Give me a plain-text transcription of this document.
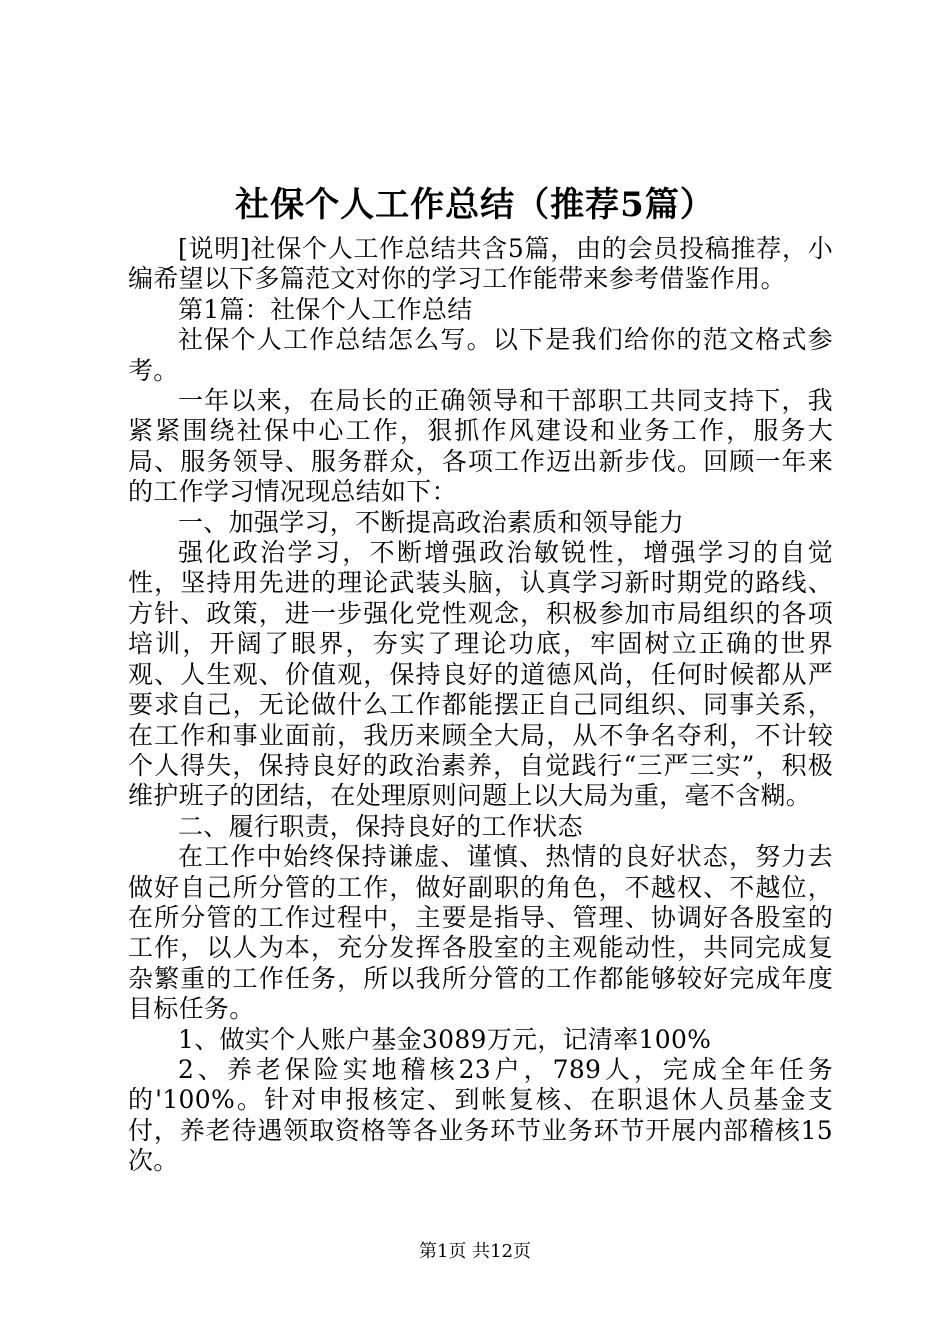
社保个人工作总结（推荐5篇）

[说明]社保个人工作总结共含5篇，由的会员投稿推荐，小编希望以下多篇范文对你的学习工作能带来参考借鉴作用。

第1篇：社保个人工作总结

社保个人工作总结怎么写。以下是我们给你的范文格式参考。

一年以来，在局长的正确领导和干部职工共同支持下，我紧紧围绕社保中心工作，狠抓作风建设和业务工作，服务大局、服务领导、服务群众，各项工作迈出新步伐。回顾一年来的工作学习情况现总结如下：

一、加强学习，不断提高政治素质和领导能力

强化政治学习，不断增强政治敏锐性，增强学习的自觉性，坚持用先进的理论武装头脑，认真学习新时期党的路线、方针、政策，进一步强化党性观念，积极参加市局组织的各项培训，开阔了眼界，夯实了理论功底，牢固树立正确的世界观、人生观、价值观，保持良好的道德风尚，任何时候都从严要求自己，无论做什么工作都能摆正自己同组织、同事关系，在工作和事业面前，我历来顾全大局，从不争名夺利，不计较个人得失，保持良好的政治素养，自觉践行“三严三实”，积极维护班子的团结，在处理原则问题上以大局为重，毫不含糊。

二、履行职责，保持良好的工作状态

在工作中始终保持谦虚、谨慎、热情的良好状态，努力去做好自己所分管的工作，做好副职的角色，不越权、不越位，在所分管的工作过程中，主要是指导、管理、协调好各股室的工作，以人为本，充分发挥各股室的主观能动性，共同完成复杂繁重的工作任务，所以我所分管的工作都能够较好完成年度目标任务。

1、做实个人账户基金3089万元，记清率100%

2、养老保险实地稽核23户，789人，完成全年任务的'100%。针对申报核定、到帐复核、在职退休人员基金支付，养老待遇领取资格等各业务环节业务环节开展内部稽核15次。

第1页 共12页
